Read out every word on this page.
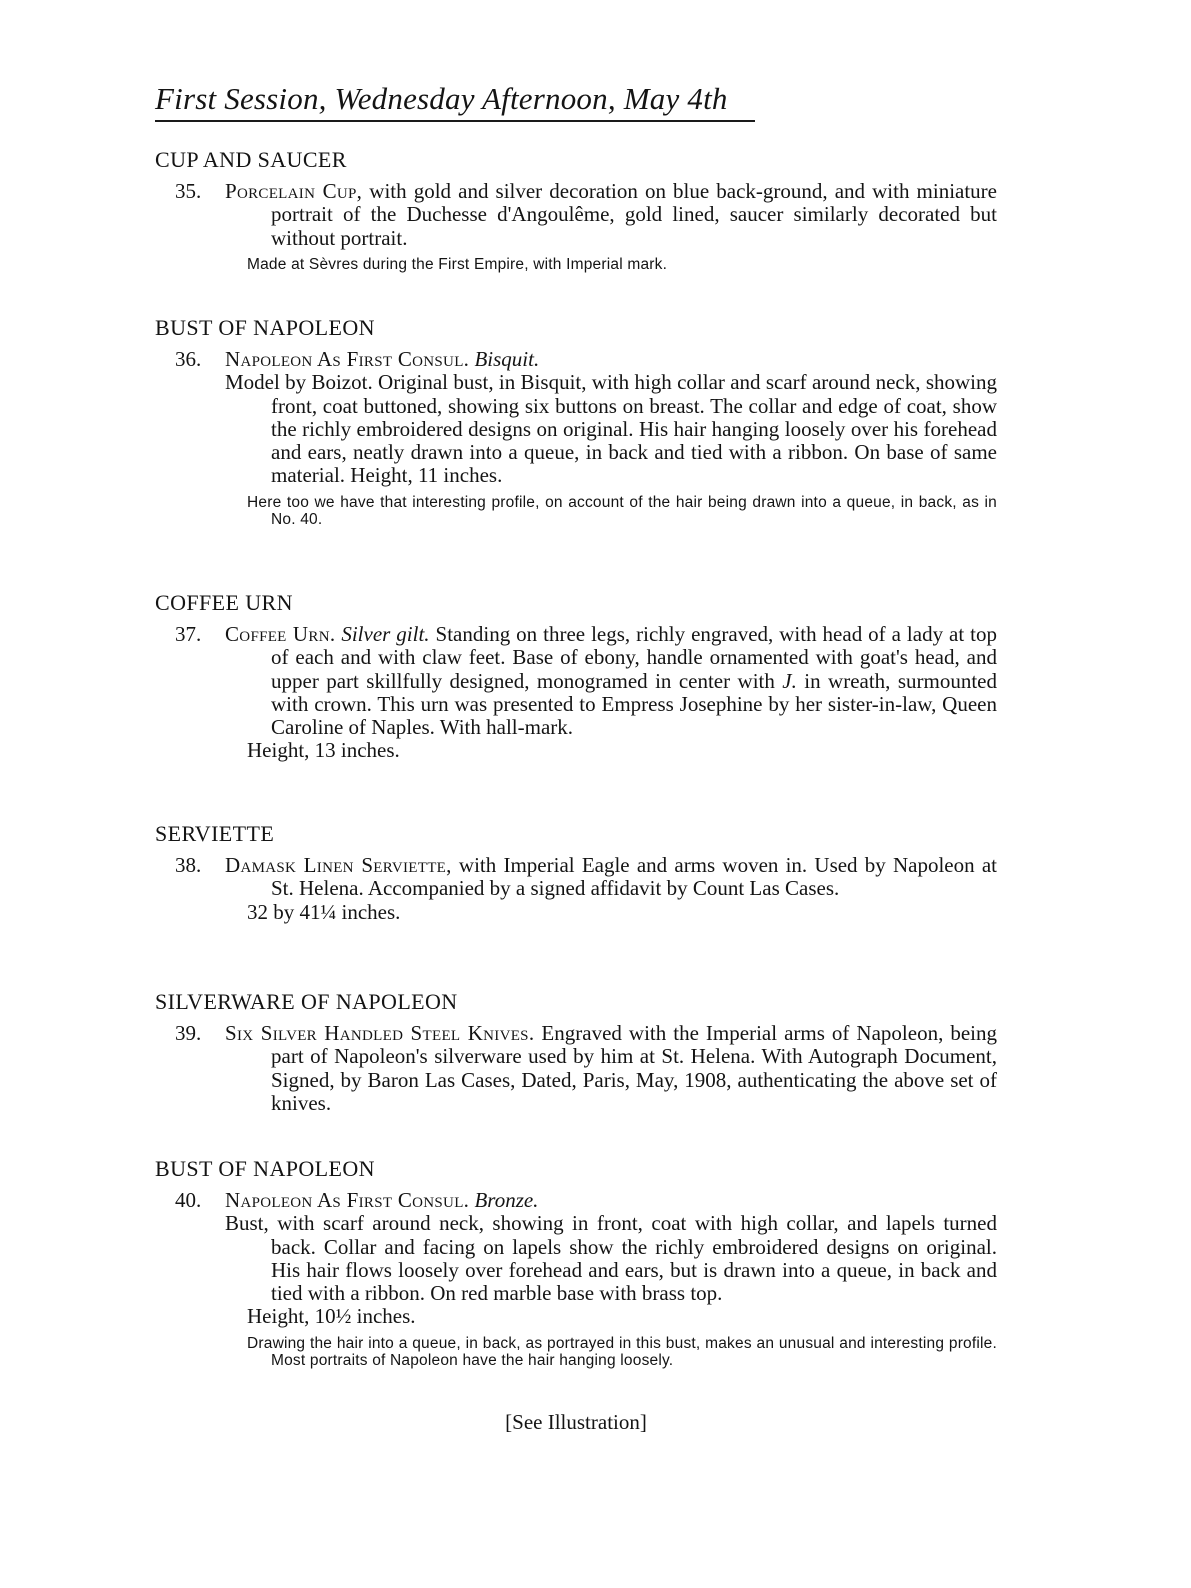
First Session, Wednesday Afternoon, May 4th
CUP AND SAUCER
35. Porcelain Cup, with gold and silver decoration on blue back-ground, and with miniature portrait of the Duchesse d'Angoulême, gold lined, saucer similarly decorated but without portrait.
Made at Sèvres during the First Empire, with Imperial mark.
BUST OF NAPOLEON
36. Napoleon As First Consul. Bisquit.
Model by Boizot. Original bust, in Bisquit, with high collar and scarf around neck, showing front, coat buttoned, showing six buttons on breast. The collar and edge of coat, show the richly embroidered designs on original. His hair hanging loosely over his forehead and ears, neatly drawn into a queue, in back and tied with a ribbon. On base of same material. Height, 11 inches.
Here too we have that interesting profile, on account of the hair being drawn into a queue, in back, as in No. 40.
COFFEE URN
37. Coffee Urn. Silver gilt. Standing on three legs, richly engraved, with head of a lady at top of each and with claw feet. Base of ebony, handle ornamented with goat's head, and upper part skillfully designed, monogramed in center with J. in wreath, surmounted with crown. This urn was presented to Empress Josephine by her sister-in-law, Queen Caroline of Naples. With hall-mark.
Height, 13 inches.
SERVIETTE
38. Damask Linen Serviette, with Imperial Eagle and arms woven in. Used by Napoleon at St. Helena. Accompanied by a signed affidavit by Count Las Cases.
32 by 41¼ inches.
SILVERWARE OF NAPOLEON
39. Six Silver Handled Steel Knives. Engraved with the Imperial arms of Napoleon, being part of Napoleon's silverware used by him at St. Helena. With Autograph Document, Signed, by Baron Las Cases, Dated, Paris, May, 1908, authenticating the above set of knives.
BUST OF NAPOLEON
40. Napoleon As First Consul. Bronze.
Bust, with scarf around neck, showing in front, coat with high collar, and lapels turned back. Collar and facing on lapels show the richly embroidered designs on original. His hair flows loosely over forehead and ears, but is drawn into a queue, in back and tied with a ribbon. On red marble base with brass top.
Height, 10½ inches.
Drawing the hair into a queue, in back, as portrayed in this bust, makes an unusual and interesting profile. Most portraits of Napoleon have the hair hanging loosely.
[See Illustration]
